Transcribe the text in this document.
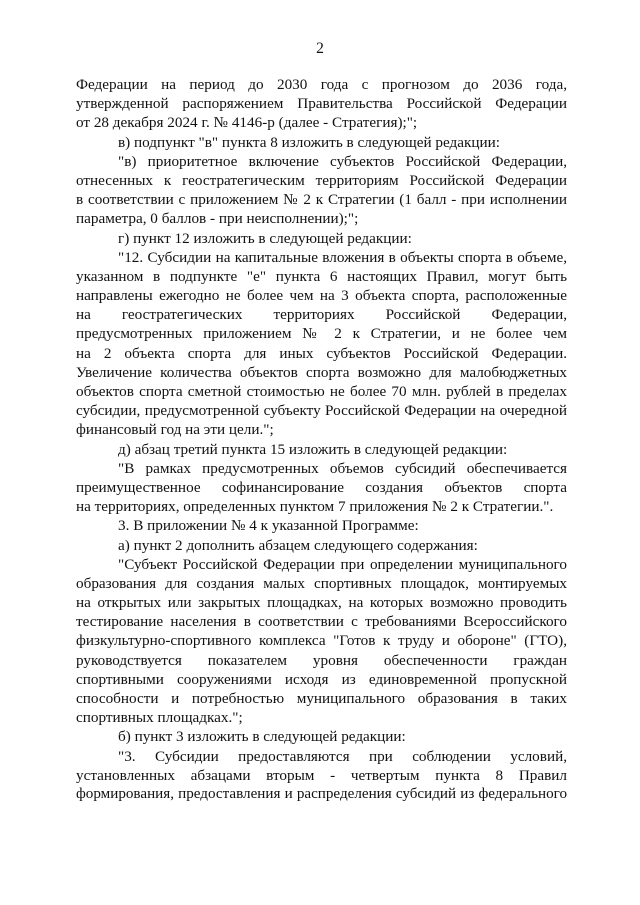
2
Федерации на период до 2030 года с прогнозом до 2036 года,
утвержденной распоряжением Правительства Российской Федерации
от 28 декабря 2024 г. № 4146-р (далее - Стратегия);";
в) подпункт "в" пункта 8 изложить в следующей редакции:
"в) приоритетное включение субъектов Российской Федерации,
отнесенных к геостратегическим территориям Российской Федерации
в соответствии с приложением № 2 к Стратегии (1 балл - при исполнении
параметра, 0 баллов - при неисполнении);";
г) пункт 12 изложить в следующей редакции:
"12. Субсидии на капитальные вложения в объекты спорта в объеме,
указанном в подпункте "е" пункта 6 настоящих Правил, могут быть
направлены ежегодно не более чем на 3 объекта спорта, расположенные
на геостратегических территориях Российской Федерации,
предусмотренных приложением № 2 к Стратегии, и не более чем
на 2 объекта спорта для иных субъектов Российской Федерации.
Увеличение количества объектов спорта возможно для малобюджетных
объектов спорта сметной стоимостью не более 70 млн. рублей в пределах
субсидии, предусмотренной субъекту Российской Федерации на очередной
финансовый год на эти цели.";
д) абзац третий пункта 15 изложить в следующей редакции:
"В рамках предусмотренных объемов субсидий обеспечивается
преимущественное софинансирование создания объектов спорта
на территориях, определенных пунктом 7 приложения № 2 к Стратегии.".
3. В приложении № 4 к указанной Программе:
а) пункт 2 дополнить абзацем следующего содержания:
"Субъект Российской Федерации при определении муниципального
образования для создания малых спортивных площадок, монтируемых
на открытых или закрытых площадках, на которых возможно проводить
тестирование населения в соответствии с требованиями Всероссийского
физкультурно-спортивного комплекса "Готов к труду и обороне" (ГТО),
руководствуется показателем уровня обеспеченности граждан
спортивными сооружениями исходя из единовременной пропускной
способности и потребностью муниципального образования в таких
спортивных площадках.";
б) пункт 3 изложить в следующей редакции:
"3. Субсидии предоставляются при соблюдении условий,
установленных абзацами вторым - четвертым пункта 8 Правил
формирования, предоставления и распределения субсидий из федерального
